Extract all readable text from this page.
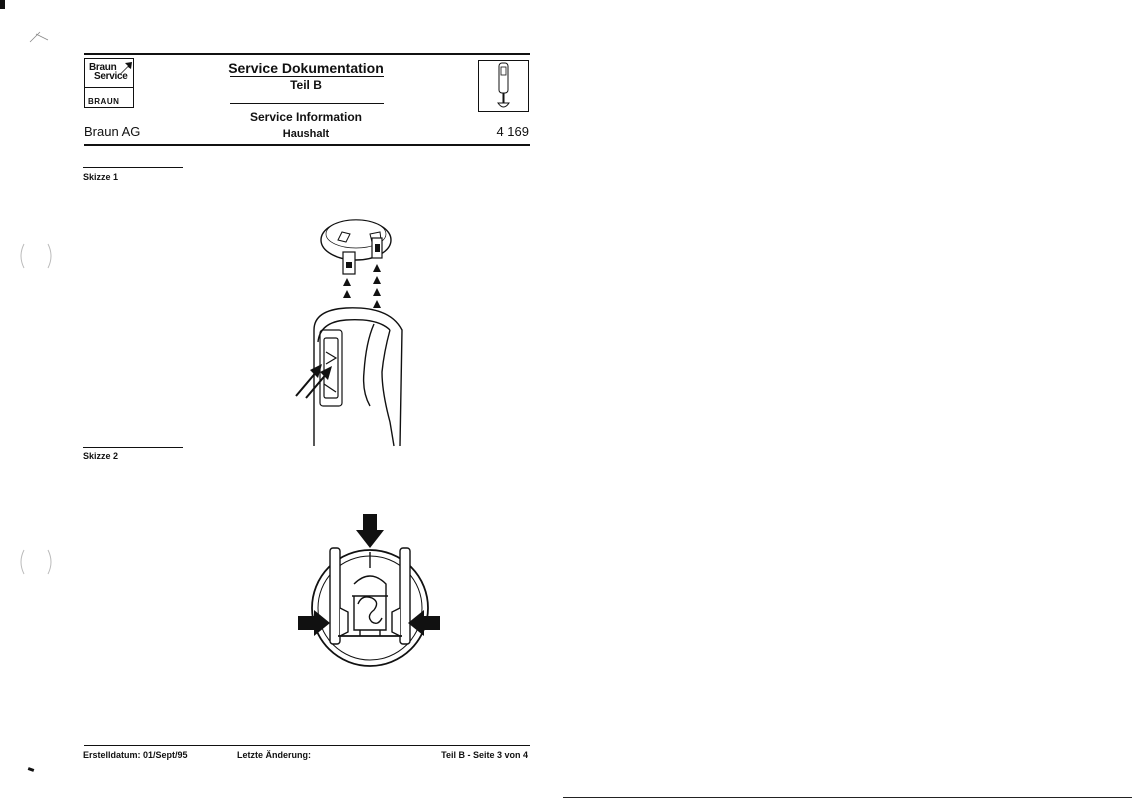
Braun
Service
BRAUN
Service Dokumentation
Teil B
Service Information
Haushalt
Braun AG	4 169
Skizze 1
Skizze 2
Erstelldatum: 01/Sept/95	Letzte Änderung:	Teil B - Seite 3 von 4
